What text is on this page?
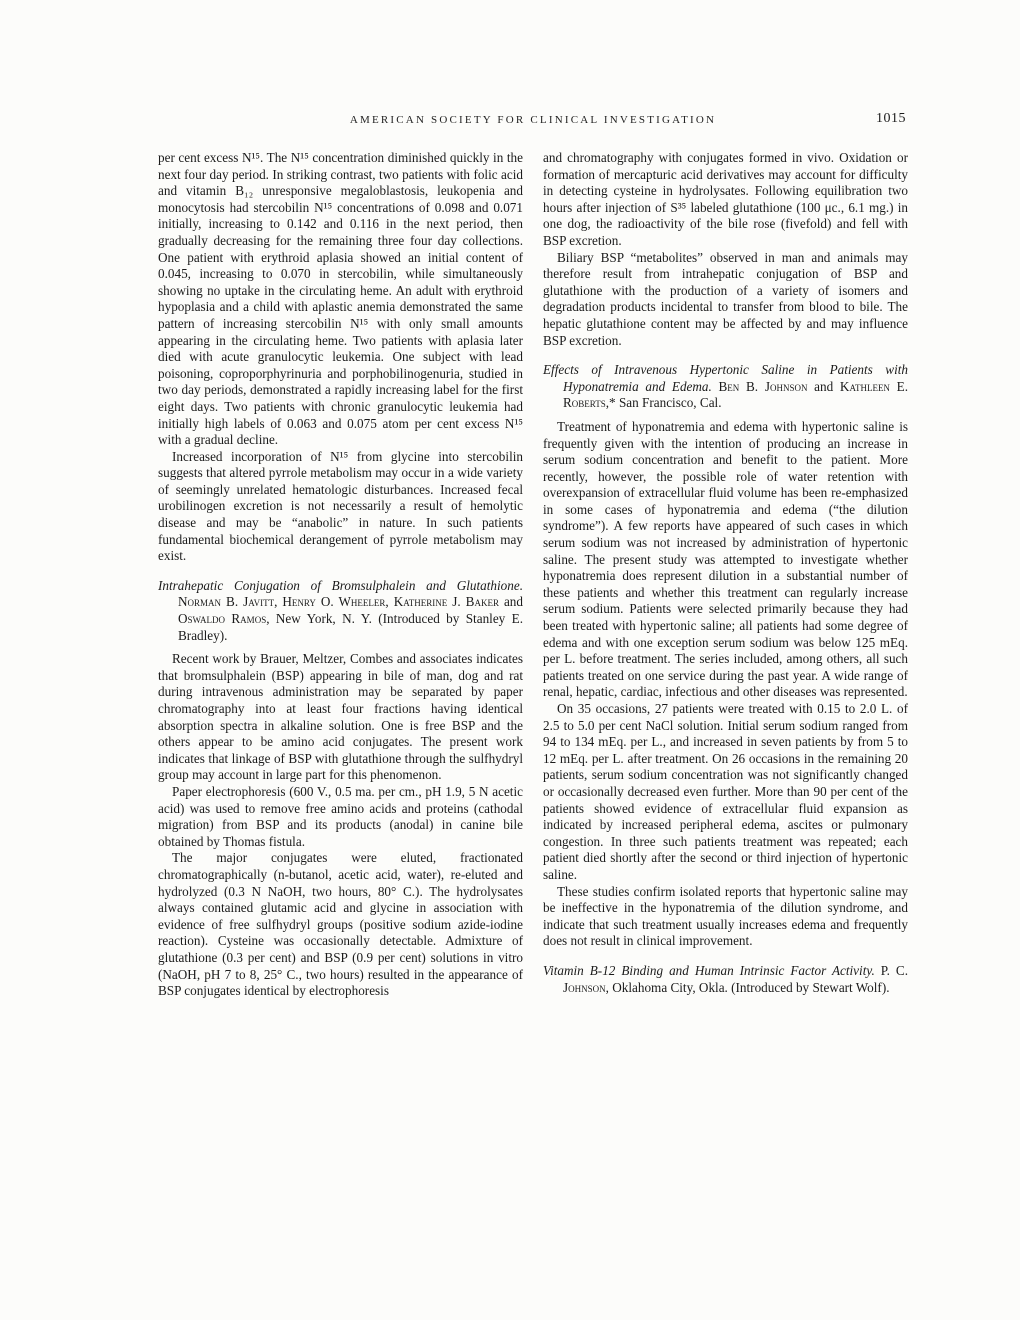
AMERICAN SOCIETY FOR CLINICAL INVESTIGATION	1015

per cent excess N¹⁵. The N¹⁵ concentration diminished quickly in the next four day period. In striking contrast, two patients with folic acid and vitamin B₁₂ unresponsive megaloblastosis, leukopenia and monocytosis had stercobilin N¹⁵ concentrations of 0.098 and 0.071 initially, increasing to 0.142 and 0.116 in the next period, then gradually decreasing for the remaining three four day collections. One patient with erythroid aplasia showed an initial content of 0.045, increasing to 0.070 in stercobilin, while simultaneously showing no uptake in the circulating heme. An adult with erythroid hypoplasia and a child with aplastic anemia demonstrated the same pattern of increasing stercobilin N¹⁵ with only small amounts appearing in the circulating heme. Two patients with aplasia later died with acute granulocytic leukemia. One subject with lead poisoning, coproporphyrinuria and porphobilinogenuria, studied in two day periods, demonstrated a rapidly increasing label for the first eight days. Two patients with chronic granulocytic leukemia had initially high labels of 0.063 and 0.075 atom per cent excess N¹⁵ with a gradual decline.

Increased incorporation of N¹⁵ from glycine into stercobilin suggests that altered pyrrole metabolism may occur in a wide variety of seemingly unrelated hematologic disturbances. Increased fecal urobilinogen excretion is not necessarily a result of hemolytic disease and may be “anabolic” in nature. In such patients fundamental biochemical derangement of pyrrole metabolism may exist.

Intrahepatic Conjugation of Bromsulphalein and Glutathione. Norman B. Javitt, Henry O. Wheeler, Katherine J. Baker and Oswaldo Ramos, New York, N. Y. (Introduced by Stanley E. Bradley).

Recent work by Brauer, Meltzer, Combes and associates indicates that bromsulphalein (BSP) appearing in bile of man, dog and rat during intravenous administration may be separated by paper chromatography into at least four fractions having identical absorption spectra in alkaline solution. One is free BSP and the others appear to be amino acid conjugates. The present work indicates that linkage of BSP with glutathione through the sulfhydryl group may account in large part for this phenomenon.

Paper electrophoresis (600 V., 0.5 ma. per cm., pH 1.9, 5 N acetic acid) was used to remove free amino acids and proteins (cathodal migration) from BSP and its products (anodal) in canine bile obtained by Thomas fistula.

The major conjugates were eluted, fractionated chromatographically (n-butanol, acetic acid, water), re-eluted and hydrolyzed (0.3 N NaOH, two hours, 80° C.). The hydrolysates always contained glutamic acid and glycine in association with evidence of free sulfhydryl groups (positive sodium azide-iodine reaction). Cysteine was occasionally detectable. Admixture of glutathione (0.3 per cent) and BSP (0.9 per cent) solutions in vitro (NaOH, pH 7 to 8, 25° C., two hours) resulted in the appearance of BSP conjugates identical by electrophoresis

and chromatography with conjugates formed in vivo. Oxidation or formation of mercapturic acid derivatives may account for difficulty in detecting cysteine in hydrolysates. Following equilibration two hours after injection of S³⁵ labeled glutathione (100 μc., 6.1 mg.) in one dog, the radioactivity of the bile rose (fivefold) and fell with BSP excretion.

Biliary BSP “metabolites” observed in man and animals may therefore result from intrahepatic conjugation of BSP and glutathione with the production of a variety of isomers and degradation products incidental to transfer from blood to bile. The hepatic glutathione content may be affected by and may influence BSP excretion.

Effects of Intravenous Hypertonic Saline in Patients with Hyponatremia and Edema. Ben B. Johnson and Kathleen E. Roberts,* San Francisco, Cal.

Treatment of hyponatremia and edema with hypertonic saline is frequently given with the intention of producing an increase in serum sodium concentration and benefit to the patient. More recently, however, the possible role of water retention with overexpansion of extracellular fluid volume has been re-emphasized in some cases of hyponatremia and edema (“the dilution syndrome”). A few reports have appeared of such cases in which serum sodium was not increased by administration of hypertonic saline. The present study was attempted to investigate whether hyponatremia does represent dilution in a substantial number of these patients and whether this treatment can regularly increase serum sodium. Patients were selected primarily because they had been treated with hypertonic saline; all patients had some degree of edema and with one exception serum sodium was below 125 mEq. per L. before treatment. The series included, among others, all such patients treated on one service during the past year. A wide range of renal, hepatic, cardiac, infectious and other diseases was represented.

On 35 occasions, 27 patients were treated with 0.15 to 2.0 L. of 2.5 to 5.0 per cent NaCl solution. Initial serum sodium ranged from 94 to 134 mEq. per L., and increased in seven patients by from 5 to 12 mEq. per L. after treatment. On 26 occasions in the remaining 20 patients, serum sodium concentration was not significantly changed or occasionally decreased even further. More than 90 per cent of the patients showed evidence of extracellular fluid expansion as indicated by increased peripheral edema, ascites or pulmonary congestion. In three such patients treatment was repeated; each patient died shortly after the second or third injection of hypertonic saline.

These studies confirm isolated reports that hypertonic saline may be ineffective in the hyponatremia of the dilution syndrome, and indicate that such treatment usually increases edema and frequently does not result in clinical improvement.

Vitamin B-12 Binding and Human Intrinsic Factor Activity. P. C. Johnson, Oklahoma City, Okla. (Introduced by Stewart Wolf).
